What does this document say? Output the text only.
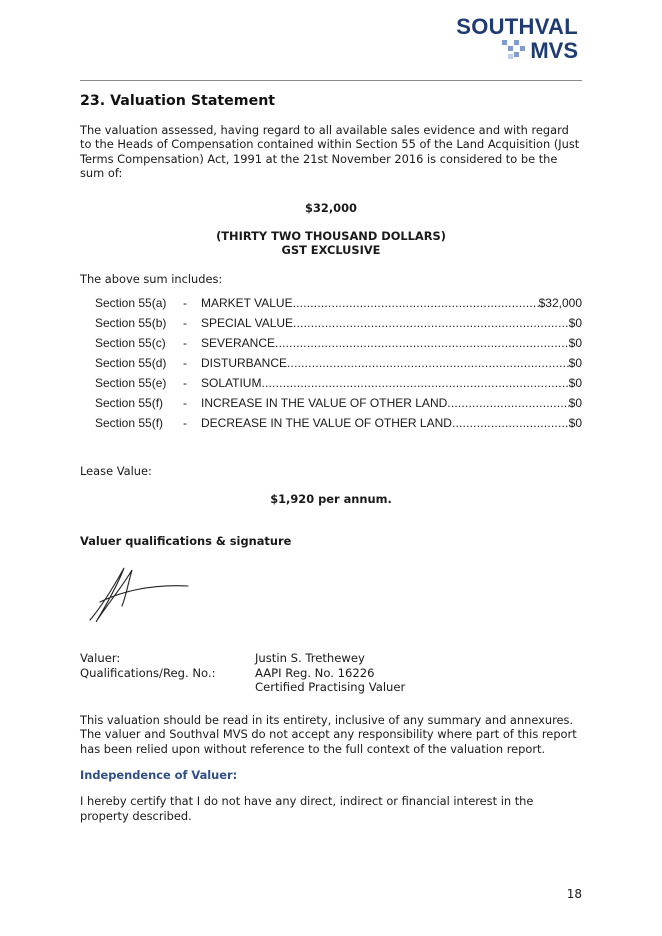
SOUTHVAL
MVS
23. Valuation Statement

The valuation assessed, having regard to all available sales evidence and with regard to the Heads of Compensation contained within Section 55 of the Land Acquisition (Just Terms Compensation) Act, 1991 at the 21st November 2016 is considered to be the sum of:

$32,000

(THIRTY TWO THOUSAND DOLLARS)
GST EXCLUSIVE

The above sum includes:

Section 55(a)	-	MARKET VALUE .....	$32,000
Section 55(b)	-	SPECIAL VALUE .....	$0
Section 55(c)	-	SEVERANCE .....	$0
Section 55(d)	-	DISTURBANCE .....	$0
Section 55(e)	-	SOLATIUM .....	$0
Section 55(f)	-	INCREASE IN THE VALUE OF OTHER LAND .....	$0
Section 55(f)	-	DECREASE IN THE VALUE OF OTHER LAND .....	$0

Lease Value:

$1,920 per annum.

Valuer qualifications & signature

Valuer:	Justin S. Trethewey
Qualifications/Reg. No.:	AAPI Reg. No. 16226
Certified Practising Valuer

This valuation should be read in its entirety, inclusive of any summary and annexures. The valuer and Southval MVS do not accept any responsibility where part of this report has been relied upon without reference to the full context of the valuation report.

Independence of Valuer:

I hereby certify that I do not have any direct, indirect or financial interest in the property described.

18
